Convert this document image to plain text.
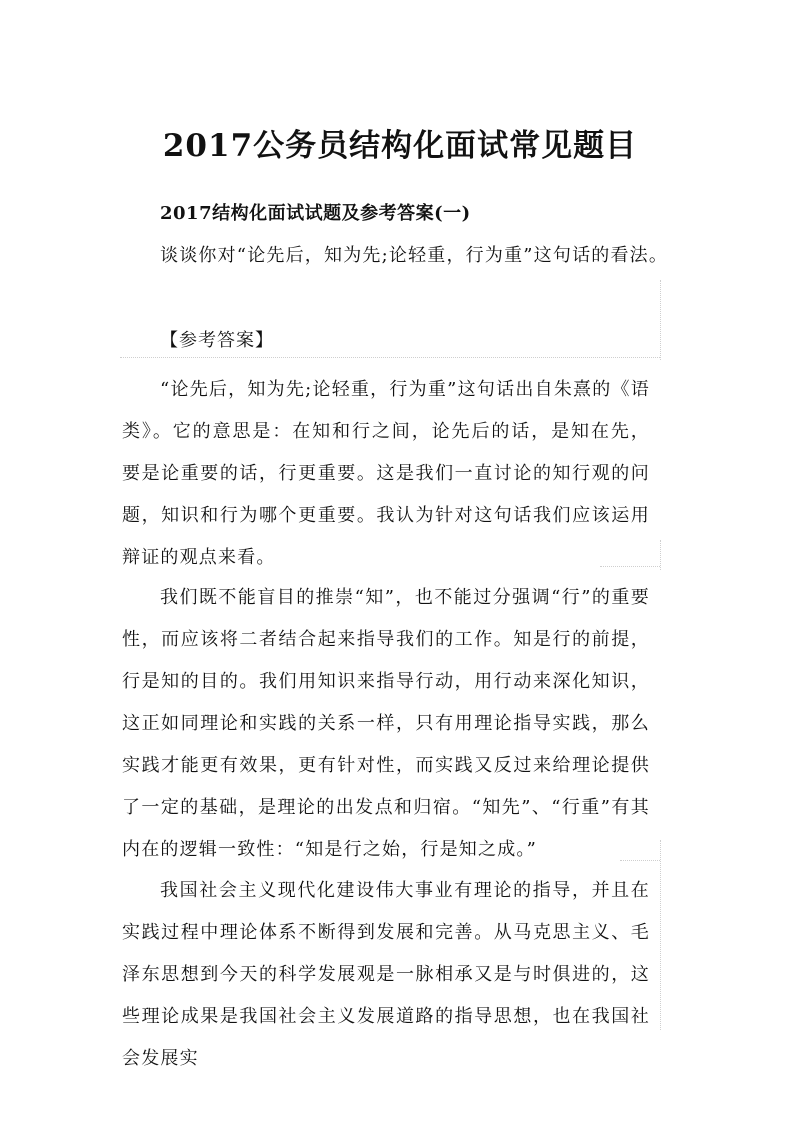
2017公务员结构化面试常见题目
2017结构化面试试题及参考答案(一)
谈谈你对“论先后，知为先;论轻重，行为重”这句话的看法。
【参考答案】

“论先后，知为先;论轻重，行为重”这句话出自朱熹的《语类》。它的意思是：在知和行之间，论先后的话，是知在先，要是论重要的话，行更重要。这是我们一直讨论的知行观的问题，知识和行为哪个更重要。我认为针对这句话我们应该运用辩证的观点来看。

我们既不能盲目的推崇“知”，也不能过分强调“行”的重要性，而应该将二者结合起来指导我们的工作。知是行的前提，行是知的目的。我们用知识来指导行动，用行动来深化知识，这正如同理论和实践的关系一样，只有用理论指导实践，那么实践才能更有效果，更有针对性，而实践又反过来给理论提供了一定的基础，是理论的出发点和归宿。“知先”、“行重”有其内在的逻辑一致性：“知是行之始，行是知之成。”

我国社会主义现代化建设伟大事业有理论的指导，并且在实践过程中理论体系不断得到发展和完善。从马克思主义、毛泽东思想到今天的科学发展观是一脉相承又是与时俱进的，这些理论成果是我国社会主义发展道路的指导思想，也在我国社会发展实
